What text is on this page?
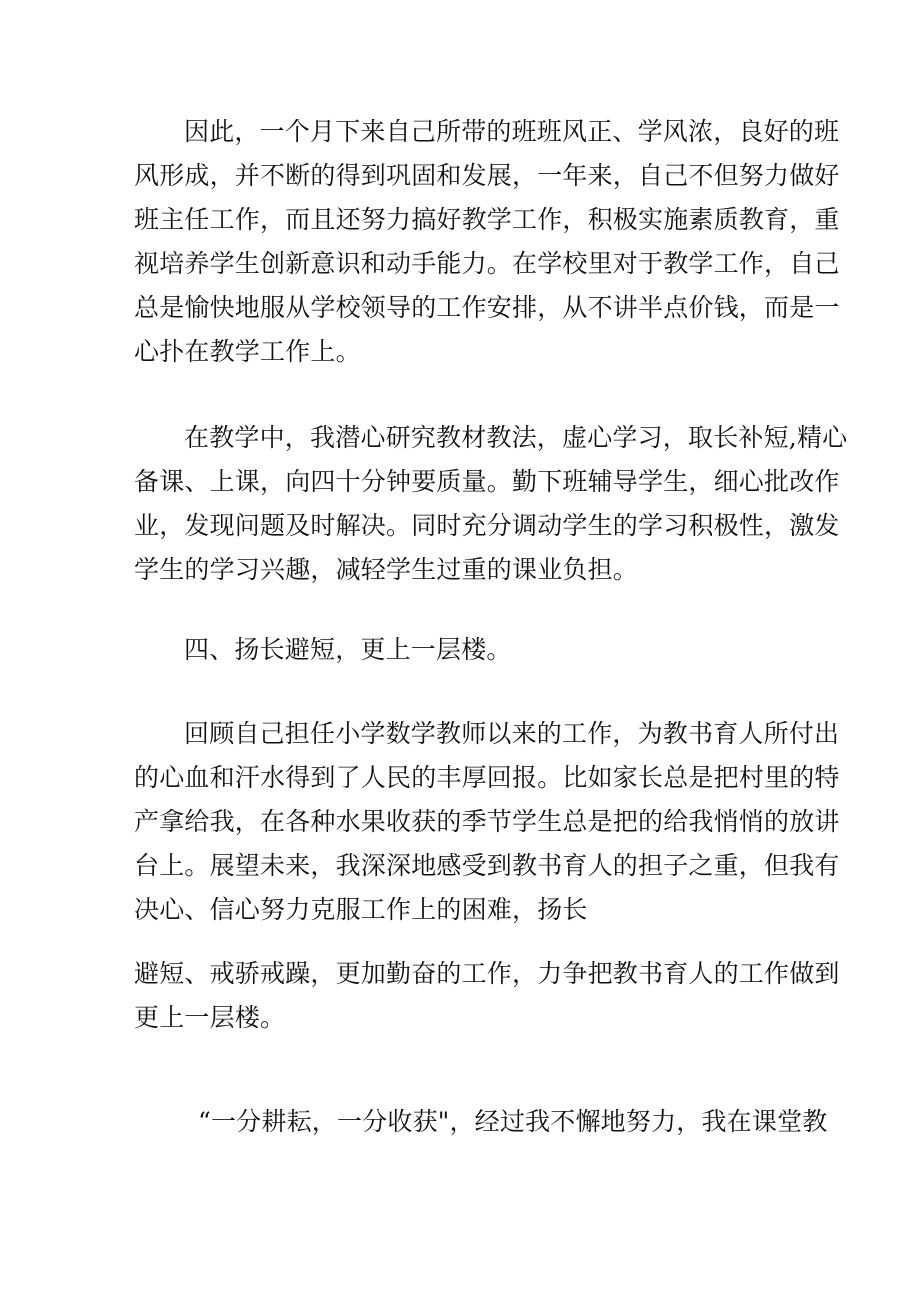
因此，一个月下来自己所带的班班风正、学风浓，良好的班
风形成，并不断的得到巩固和发展，一年来，自己不但努力做好
班主任工作，而且还努力搞好教学工作，积极实施素质教育，重
视培养学生创新意识和动手能力。在学校里对于教学工作，自己
总是愉快地服从学校领导的工作安排，从不讲半点价钱，而是一
心扑在教学工作上。
在教学中，我潜心研究教材教法，虚心学习，取长补短,精心
备课、上课，向四十分钟要质量。勤下班辅导学生，细心批改作
业，发现问题及时解决。同时充分调动学生的学习积极性，激发
学生的学习兴趣，减轻学生过重的课业负担。
四、扬长避短，更上一层楼。
回顾自己担任小学数学教师以来的工作，为教书育人所付出
的心血和汗水得到了人民的丰厚回报。比如家长总是把村里的特
产拿给我，在各种水果收获的季节学生总是把的给我悄悄的放讲
台上。展望未来，我深深地感受到教书育人的担子之重，但我有
决心、信心努力克服工作上的困难，扬长
避短、戒骄戒躁，更加勤奋的工作，力争把教书育人的工作做到
更上一层楼。
“一分耕耘，一分收获"，经过我不懈地努力，我在课堂教
